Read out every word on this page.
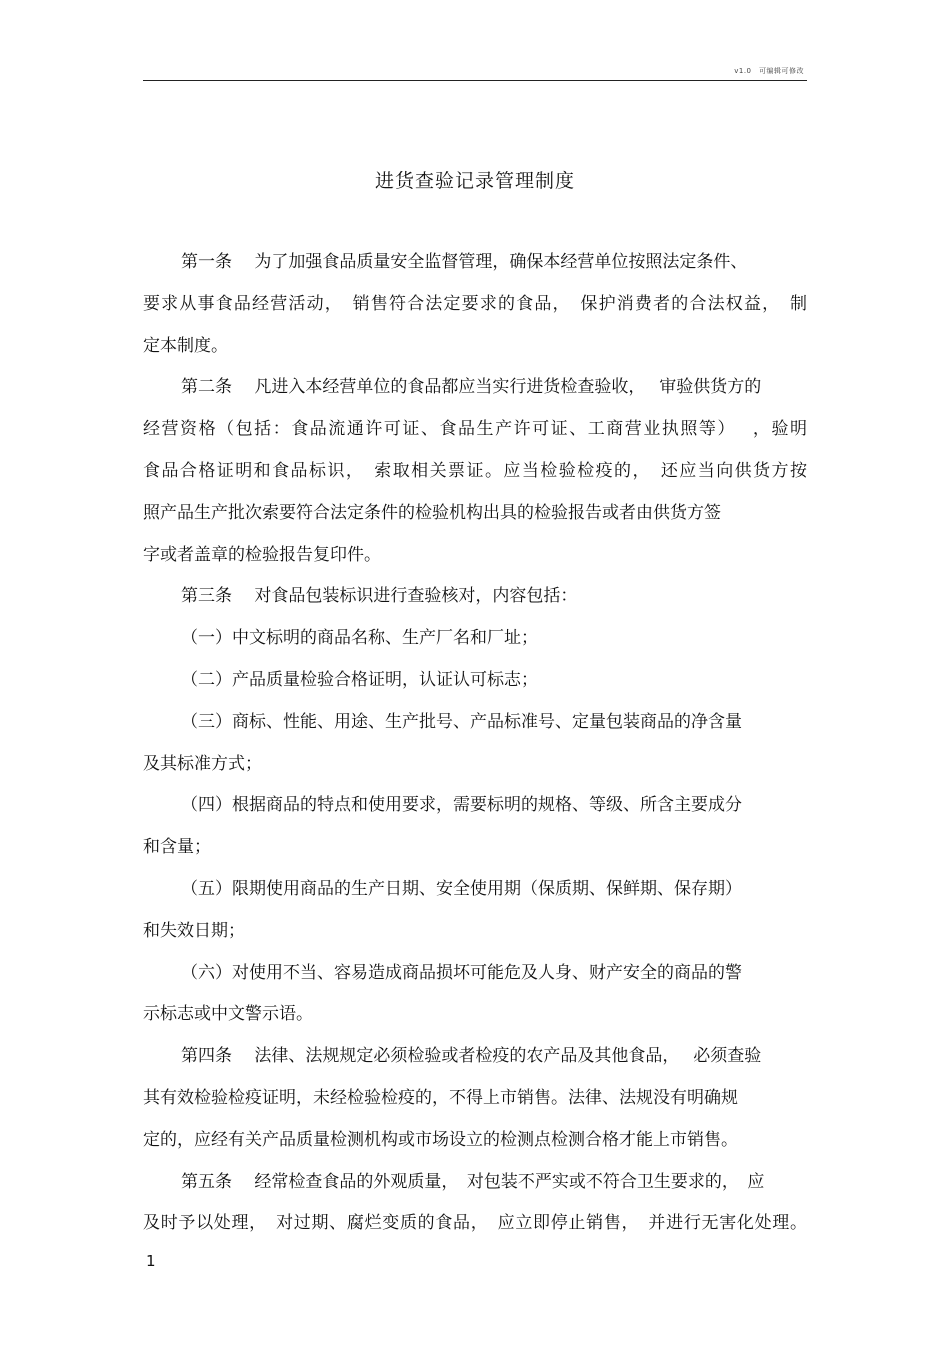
v1.0　可编辑可修改
进货查验记录管理制度
第一条　 为了加强食品质量安全监督管理，确保本经营单位按照法定条件、
要求从事食品经营活动，　销售符合法定要求的食品，　保护消费者的合法权益，　制
定本制度。
第二条　 凡进入本经营单位的食品都应当实行进货检查验收，　 审验供货方的
经营资格（包括：食品流通许可证、食品生产许可证、工商营业执照等）　 ，验明
食品合格证明和食品标识，　索取相关票证。应当检验检疫的，　还应当向供货方按
照产品生产批次索要符合法定条件的检验机构出具的检验报告或者由供货方签
字或者盖章的检验报告复印件。
第三条　 对食品包装标识进行查验核对，内容包括：
（一）中文标明的商品名称、生产厂名和厂址；
（二）产品质量检验合格证明，认证认可标志；
（三）商标、性能、用途、生产批号、产品标准号、定量包装商品的净含量
及其标准方式；
（四）根据商品的特点和使用要求，需要标明的规格、等级、所含主要成分
和含量；
（五）限期使用商品的生产日期、安全使用期（保质期、保鲜期、保存期）
和失效日期；
（六）对使用不当、容易造成商品损坏可能危及人身、财产安全的商品的警
示标志或中文警示语。
第四条　 法律、法规规定必须检验或者检疫的农产品及其他食品，　 必须查验
其有效检验检疫证明，未经检验检疫的，不得上市销售。法律、法规没有明确规
定的，应经有关产品质量检测机构或市场设立的检测点检测合格才能上市销售。
第五条　 经常检查食品的外观质量，　对包装不严实或不符合卫生要求的，　应
及时予以处理，　对过期、腐烂变质的食品，　应立即停止销售，　并进行无害化处理。
1
